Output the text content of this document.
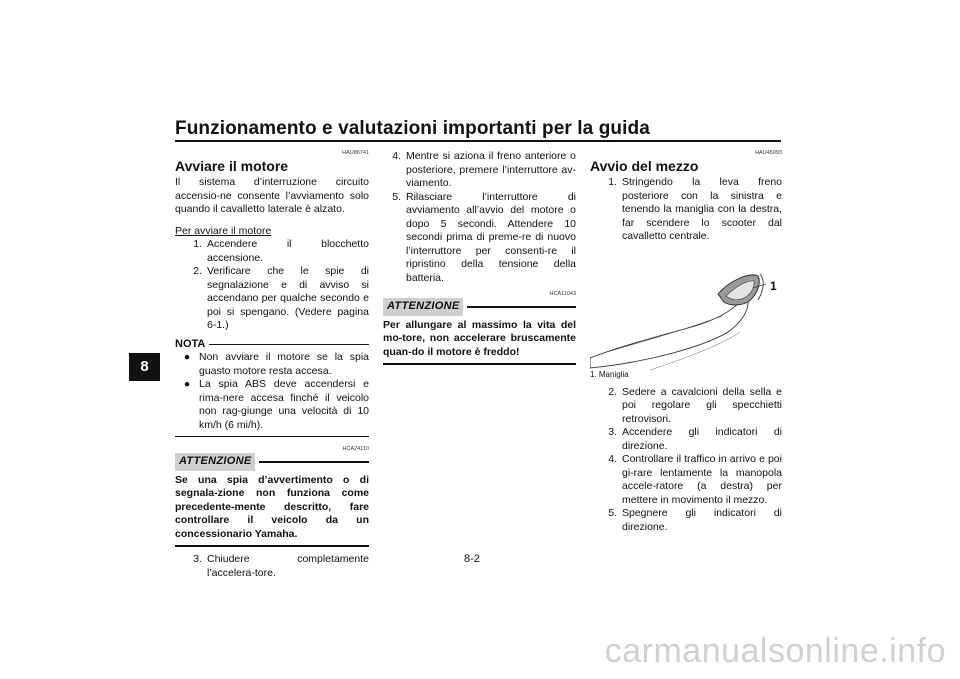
Funzionamento e valutazioni importanti per la guida
8
HAU86741
Avviare il motore
Il sistema d’interruzione circuito accensio-ne consente l’avviamento solo quando il cavalletto laterale è alzato.
Per avviare il motore
1. Accendere il blocchetto accensione.
2. Verificare che le spie di segnalazione e di avviso si accendano per qualche secondo e poi si spengano. (Vedere pagina 6-1.)
NOTA
● Non avviare il motore se la spia guasto motore resta accesa.
● La spia ABS deve accendersi e rima-nere accesa finché il veicolo non rag-giunge una velocità di 10 km/h (6 mi/h).
HCA24110
ATTENZIONE
Se una spia d’avvertimento o di segnala-zione non funziona come precedente-mente descritto, fare controllare il veicolo da un concessionario Yamaha.
3. Chiudere completamente l’accelera-tore.
4. Mentre si aziona il freno anteriore o posteriore, premere l’interruttore av-viamento.
5. Rilasciare l’interruttore di avviamento all’avvio del motore o dopo 5 secondi. Attendere 10 secondi prima di preme-re di nuovo l’interruttore per consenti-re il ripristino della tensione della batteria.
HCA11043
ATTENZIONE
Per allungare al massimo la vita del mo-tore, non accelerare bruscamente quan-do il motore è freddo!
HAU45093
Avvio del mezzo
1. Stringendo la leva freno posteriore con la sinistra e tenendo la maniglia con la destra, far scendere lo scooter dal cavalletto centrale.
1
1. Maniglia
2. Sedere a cavalcioni della sella e poi regolare gli specchietti retrovisori.
3. Accendere gli indicatori di direzione.
4. Controllare il traffico in arrivo e poi gi-rare lentamente la manopola accele-ratore (a destra) per mettere in movimento il mezzo.
5. Spegnere gli indicatori di direzione.
8-2
carmanualsonline.info
